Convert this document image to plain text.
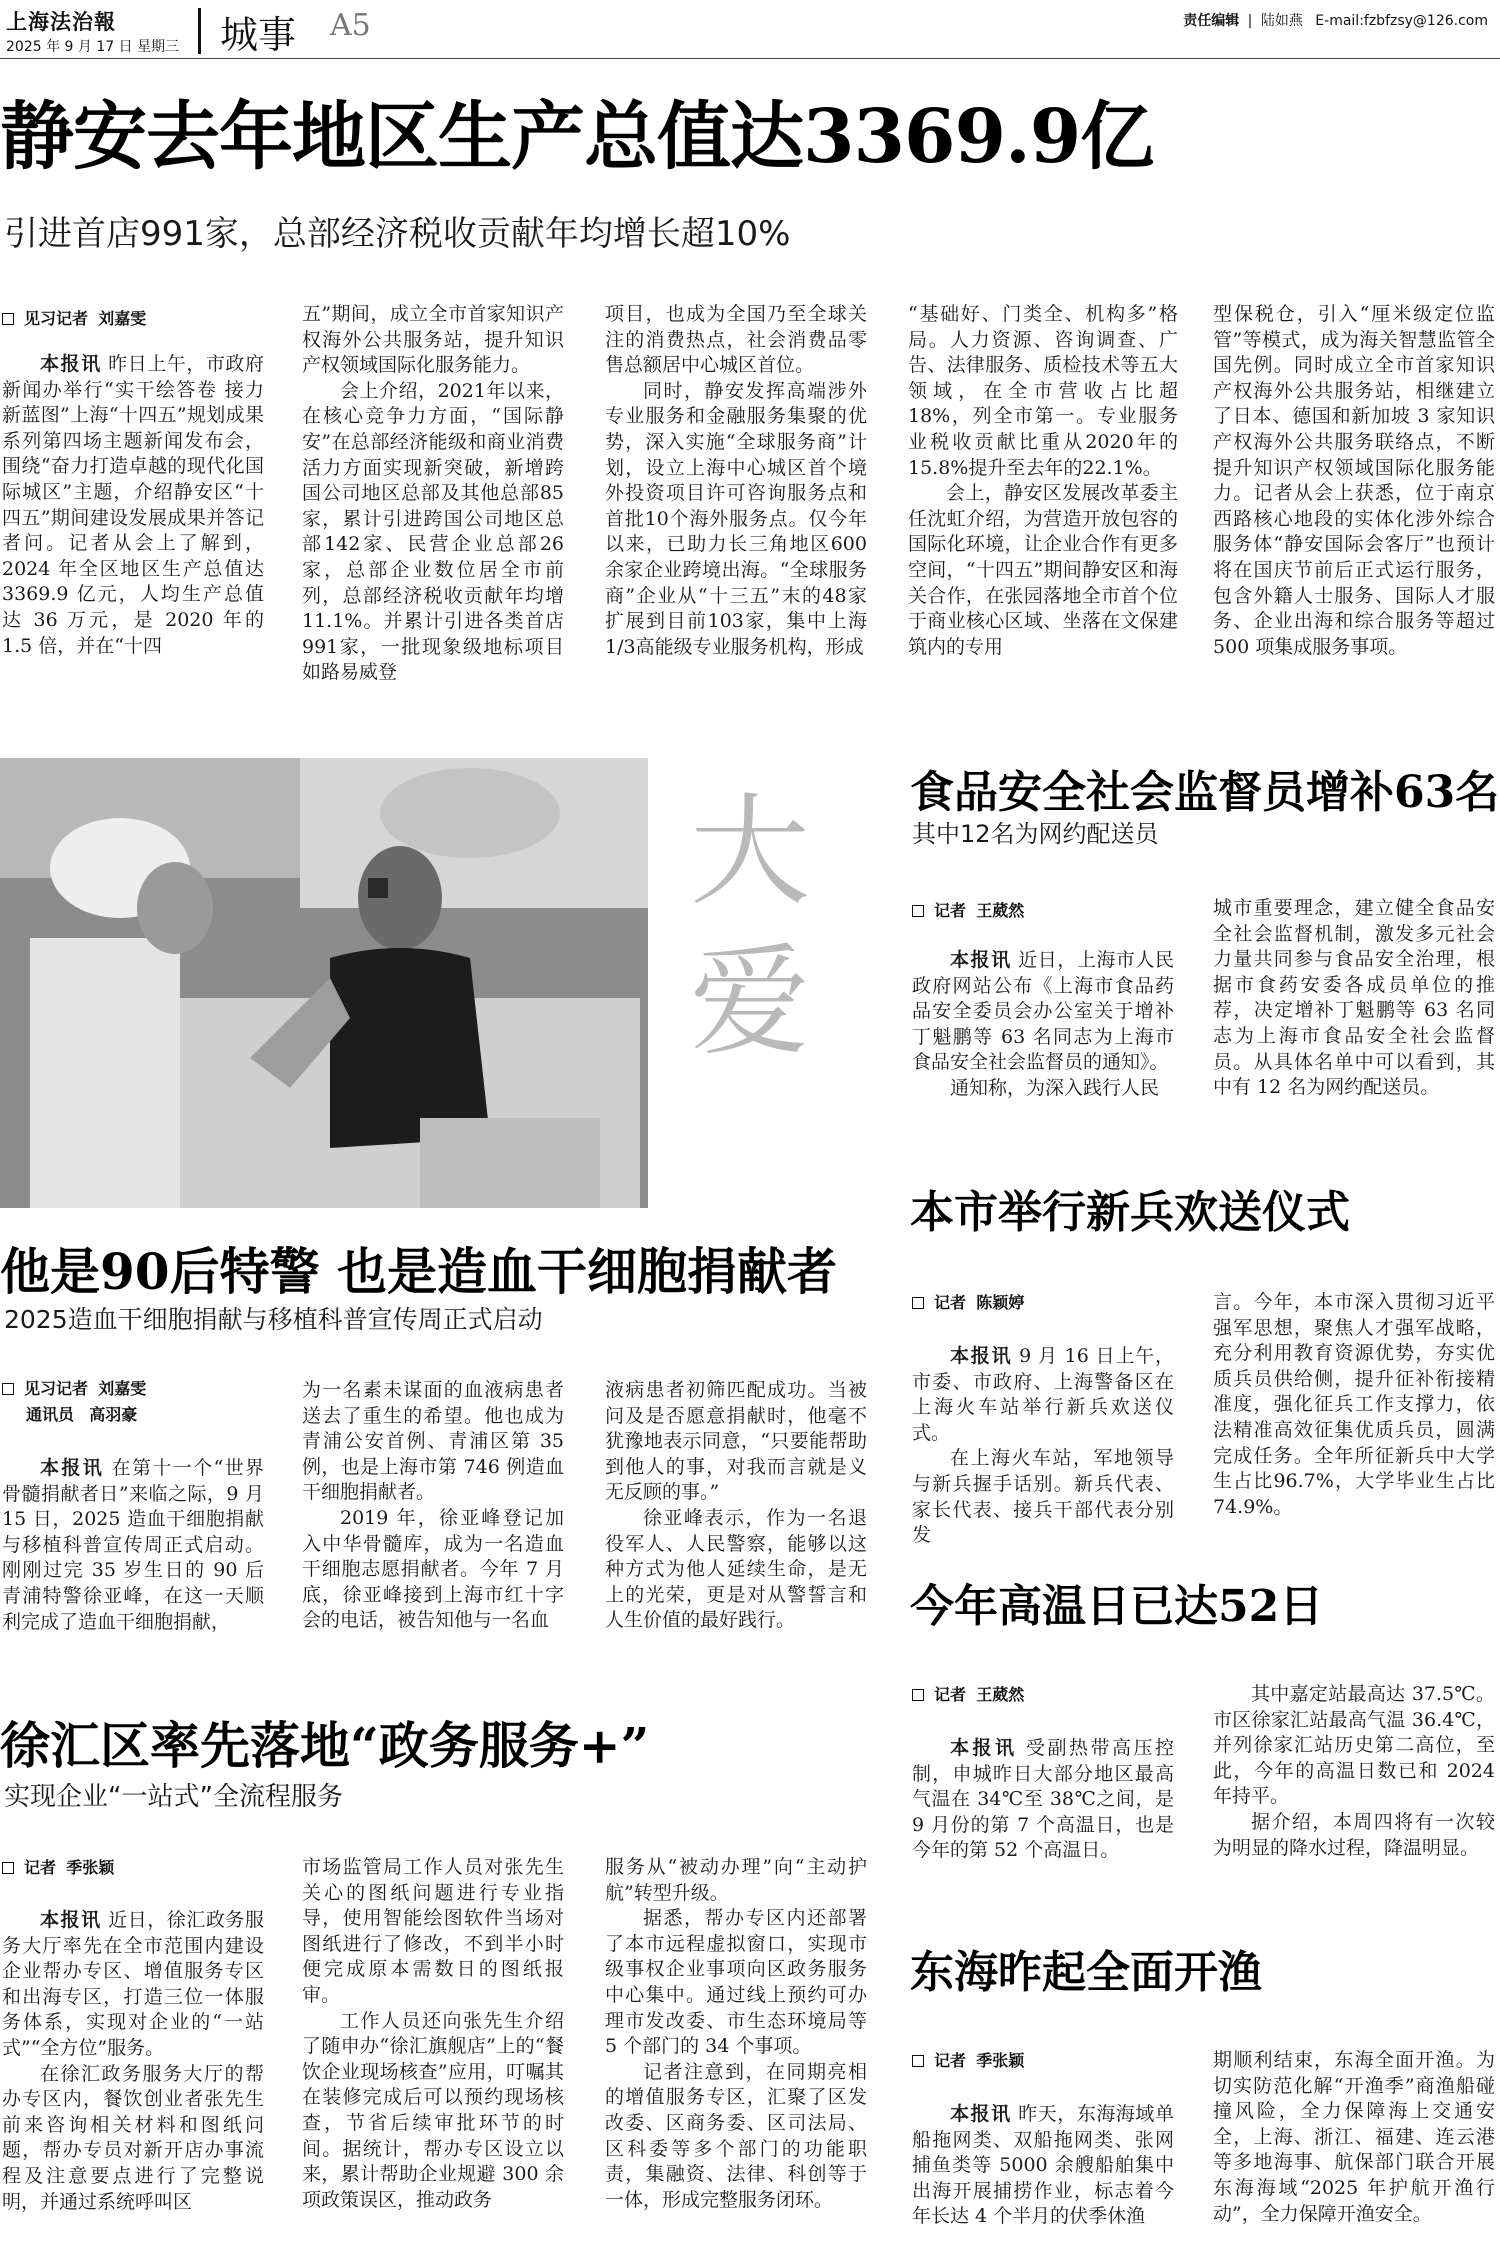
上海法治報
2025 年 9 月 17 日 星期三 城事 A5	责任编辑 | 陆如燕 E-mail:fzbfzsy@126.com
静安去年地区生产总值达3369.9亿
引进首店991家，总部经济税收贡献年均增长超10%
见习记者 刘嘉雯

本报讯 昨日上午，市政府新闻办举行“实干绘答卷 接力新蓝图”上海“十四五”规划成果系列第四场主题新闻发布会，围绕“奋力打造卓越的现代化国际城区”主题，介绍静安区“十四五”期间建设发展成果并答记者问。记者从会上了解到，2024 年全区地区生产总值达 3369.9 亿元，人均生产总值达 36 万元，是 2020 年的 1.5 倍，并在“十四

五”期间，成立全市首家知识产权海外公共服务站，提升知识产权领域国际化服务能力。

会上介绍，2021年以来，在核心竞争力方面，“国际静安”在总部经济能级和商业消费活力方面实现新突破，新增跨国公司地区总部及其他总部85家，累计引进跨国公司地区总部142家、民营企业总部26家，总部企业数位居全市前列，总部经济税收贡献年均增11.1%。并累计引进各类首店991家，一批现象级地标项目如路易威登

项目，也成为全国乃至全球关注的消费热点，社会消费品零售总额居中心城区首位。

同时，静安发挥高端涉外专业服务和金融服务集聚的优势，深入实施“全球服务商”计划，设立上海中心城区首个境外投资项目许可咨询服务点和首批10个海外服务点。仅今年以来，已助力长三角地区600余家企业跨境出海。“全球服务商”企业从“十三五”末的48家扩展到目前103家，集中上海1/3高能级专业服务机构，形成

“基础好、门类全、机构多”格局。人力资源、咨询调查、广告、法律服务、质检技术等五大领域，在全市营收占比超18%，列全市第一。专业服务业税收贡献比重从2020年的15.8%提升至去年的22.1%。

会上，静安区发展改革委主任沈虹介绍，为营造开放包容的国际化环境，让企业合作有更多空间，“十四五”期间静安区和海关合作，在张园落地全市首个位于商业核心区域、坐落在文保建筑内的专用

型保税仓，引入“厘米级定位监管”等模式，成为海关智慧监管全国先例。同时成立全市首家知识产权海外公共服务站，相继建立了日本、德国和新加坡 3 家知识产权海外公共服务联络点，不断提升知识产权领域国际化服务能力。记者从会上获悉，位于南京西路核心地段的实体化涉外综合服务体“静安国际会客厅”也预计将在国庆节前后正式运行服务，包含外籍人士服务、国际人才服务、企业出海和综合服务等超过 500 项集成服务事项。

大
爱
他是90后特警 也是造血干细胞捐献者
2025造血干细胞捐献与移植科普宣传周正式启动
见习记者 刘嘉雯
通讯员 高羽豪

本报讯 在第十一个“世界骨髓捐献者日”来临之际，9 月 15 日，2025 造血干细胞捐献与移植科普宣传周正式启动。刚刚过完 35 岁生日的 90 后青浦特警徐亚峰，在这一天顺利完成了造血干细胞捐献，

为一名素未谋面的血液病患者送去了重生的希望。他也成为青浦公安首例、青浦区第 35 例，也是上海市第 746 例造血干细胞捐献者。

2019 年，徐亚峰登记加入中华骨髓库，成为一名造血干细胞志愿捐献者。今年 7 月底，徐亚峰接到上海市红十字会的电话，被告知他与一名血

液病患者初筛匹配成功。当被问及是否愿意捐献时，他毫不犹豫地表示同意，“只要能帮助到他人的事，对我而言就是义无反顾的事。”

徐亚峰表示，作为一名退役军人、人民警察，能够以这种方式为他人延续生命，是无上的光荣，更是对从警誓言和人生价值的最好践行。

徐汇区率先落地“政务服务+”
实现企业“一站式”全流程服务
记者 季张颖

本报讯 近日，徐汇政务服务大厅率先在全市范围内建设企业帮办专区、增值服务专区和出海专区，打造三位一体服务体系，实现对企业的“一站式”“全方位”服务。

在徐汇政务服务大厅的帮办专区内，餐饮创业者张先生前来咨询相关材料和图纸问题，帮办专员对新开店办事流程及注意要点进行了完整说明，并通过系统呼叫区

市场监管局工作人员对张先生关心的图纸问题进行专业指导，使用智能绘图软件当场对图纸进行了修改，不到半小时便完成原本需数日的图纸报审。

工作人员还向张先生介绍了随申办“徐汇旗舰店”上的“餐饮企业现场核查”应用，叮嘱其在装修完成后可以预约现场核查，节省后续审批环节的时间。据统计，帮办专区设立以来，累计帮助企业规避 300 余项政策误区，推动政务

服务从“被动办理”向“主动护航”转型升级。

据悉，帮办专区内还部署了本市远程虚拟窗口，实现市级事权企业事项向区政务服务中心集中。通过线上预约可办理市发改委、市生态环境局等 5 个部门的 34 个事项。

记者注意到，在同期亮相的增值服务专区，汇聚了区发改委、区商务委、区司法局、区科委等多个部门的功能职责，集融资、法律、科创等于一体，形成完整服务闭环。

食品安全社会监督员增补63名
其中12名为网约配送员
记者 王葳然

本报讯 近日，上海市人民政府网站公布《上海市食品药品安全委员会办公室关于增补丁魁鹏等 63 名同志为上海市食品安全社会监督员的通知》。

通知称，为深入践行人民

城市重要理念，建立健全食品安全社会监督机制，激发多元社会力量共同参与食品安全治理，根据市食药安委各成员单位的推荐，决定增补丁魁鹏等 63 名同志为上海市食品安全社会监督员。从具体名单中可以看到，其中有 12 名为网约配送员。

本市举行新兵欢送仪式
记者 陈颖婷

本报讯 9 月 16 日上午，市委、市政府、上海警备区在上海火车站举行新兵欢送仪式。

在上海火车站，军地领导与新兵握手话别。新兵代表、家长代表、接兵干部代表分别发

言。今年，本市深入贯彻习近平强军思想，聚焦人才强军战略，充分利用教育资源优势，夯实优质兵员供给侧，提升征补衔接精准度，强化征兵工作支撑力，依法精准高效征集优质兵员，圆满完成任务。全年所征新兵中大学生占比96.7%，大学毕业生占比74.9%。

今年高温日已达52日
记者 王葳然

本报讯 受副热带高压控制，申城昨日大部分地区最高气温在 34℃至 38℃之间，是 9 月份的第 7 个高温日，也是今年的第 52 个高温日。

其中嘉定站最高达 37.5℃。市区徐家汇站最高气温 36.4℃，并列徐家汇站历史第二高位，至此，今年的高温日数已和 2024 年持平。

据介绍，本周四将有一次较为明显的降水过程，降温明显。

东海昨起全面开渔
记者 季张颖

本报讯 昨天，东海海域单船拖网类、双船拖网类、张网捕鱼类等 5000 余艘船舶集中出海开展捕捞作业，标志着今年长达 4 个半月的伏季休渔

期顺利结束，东海全面开渔。为切实防范化解“开渔季”商渔船碰撞风险，全力保障海上交通安全，上海、浙江、福建、连云港等多地海事、航保部门联合开展东海海域“2025 年护航开渔行动”，全力保障开渔安全。
